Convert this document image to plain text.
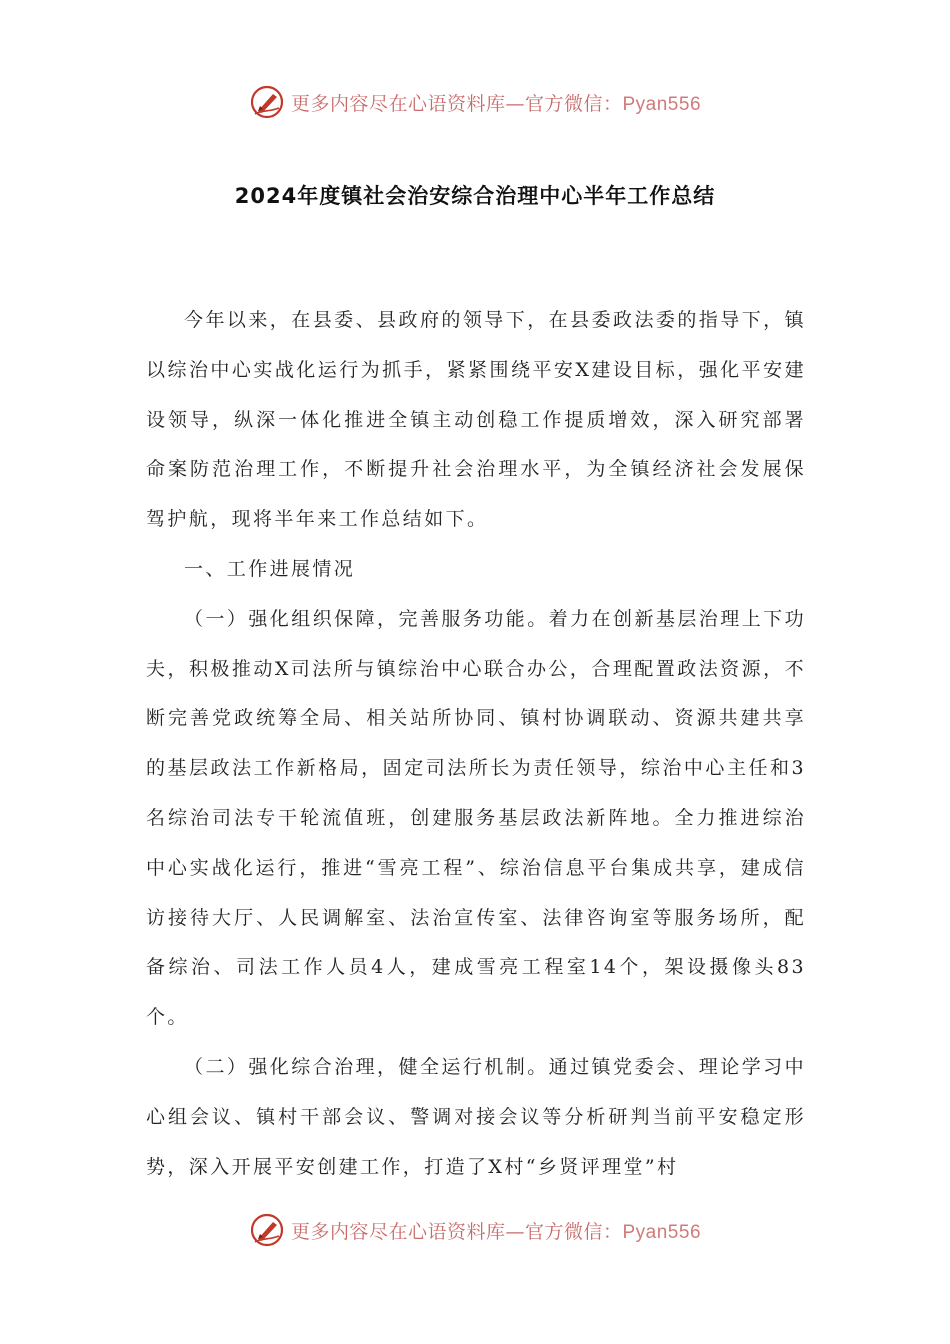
更多内容尽在心语资料库—官方微信：Pyan556
2024年度镇社会治安综合治理中心半年工作总结

今年以来，在县委、县政府的领导下，在县委政法委的指导下，镇以综治中心实战化运行为抓手，紧紧围绕平安X建设目标，强化平安建设领导，纵深一体化推进全镇主动创稳工作提质增效，深入研究部署命案防范治理工作，不断提升社会治理水平，为全镇经济社会发展保驾护航，现将半年来工作总结如下。

一、工作进展情况

（一）强化组织保障，完善服务功能。着力在创新基层治理上下功夫，积极推动X司法所与镇综治中心联合办公，合理配置政法资源，不断完善党政统筹全局、相关站所协同、镇村协调联动、资源共建共享的基层政法工作新格局，固定司法所长为责任领导，综治中心主任和3名综治司法专干轮流值班，创建服务基层政法新阵地。全力推进综治中心实战化运行，推进“雪亮工程”、综治信息平台集成共享，建成信访接待大厅、人民调解室、法治宣传室、法律咨询室等服务场所，配备综治、司法工作人员4人，建成雪亮工程室14个，架设摄像头83个。

（二）强化综合治理，健全运行机制。通过镇党委会、理论学习中心组会议、镇村干部会议、警调对接会议等分析研判当前平安稳定形势，深入开展平安创建工作，打造了X村“乡贤评理堂”村

更多内容尽在心语资料库—官方微信：Pyan556
